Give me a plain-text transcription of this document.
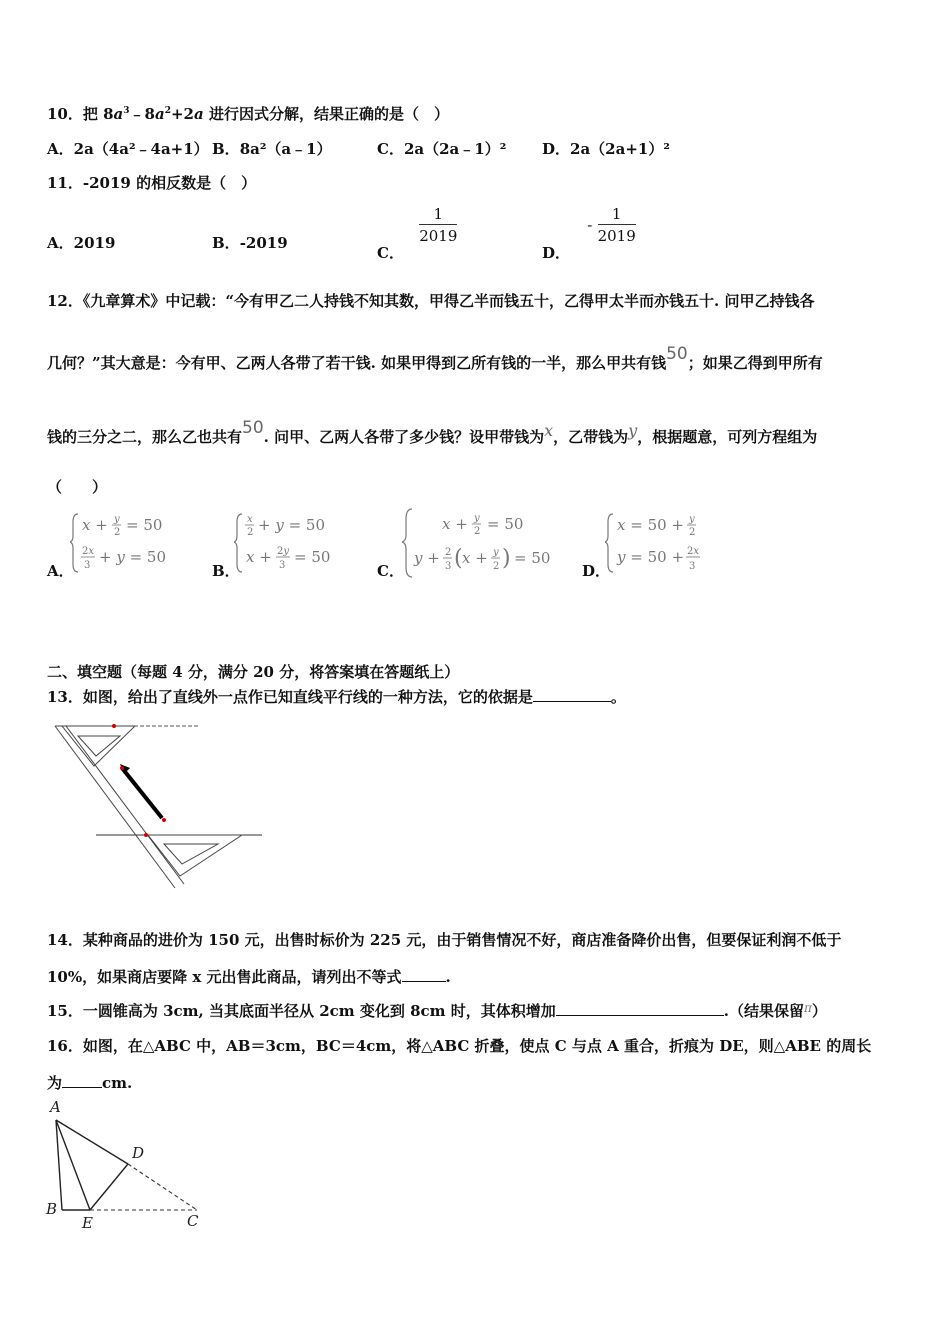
10．把 $8a^3﹣8a^2+2a$ 进行因式分解，结果正确的是（　）
A．2a（4a²﹣4a+1） B．8a²（a﹣1）	C．2a（2a﹣1）² D．2a（2a+1）²
11．-2019 的相反数是（　）
A．2019	B．-2019
C．
$\frac{1}{2019}$
D． - $\frac{1}{2019}$
12．《九章算术》中记载：“今有甲乙二人持钱不知其数，甲得乙半而钱五十，乙得甲太半而亦钱五十. 问甲乙持钱各
几何？”其大意是：今有甲、乙两人各带了若干钱. 如果甲得到乙所有钱的一半，那么甲共有钱50；如果乙得到甲所有
钱的三分之二，那么乙也共有50. 问甲、乙两人各带了多少钱？设甲带钱为x，乙带钱为y，根据题意，可列方程组为
（　　）
A．	B．	C．	D．
x + y
2 = 50
2x
3 + y = 50
x
2 + y = 50
x + 2y
3 = 50
x + y
2 = 50
y + 2
3 ( x + y
2 ) = 50
x = 50 + y
2
y = 50 + 2x
3
二、填空题（每题 4 分，满分 20 分，将答案填在答题纸上）
13．如图，给出了直线外一点作已知直线平行线的一种方法，它的依据是	。
14．某种商品的进价为 150 元，出售时标价为 225 元，由于销售情况不好，商店准备降价出售，但要保证利润不低于
10%，如果商店要降 x 元出售此商品，请列出不等式	.
15．一圆锥高为 3cm, 当其底面半径从 2cm 变化到 8cm 时，其体积增加	.（结果保留$^\pi$）
16．如图，在△ABC 中，AB＝3cm，BC＝4cm，将△ABC 折叠，使点 C 与点 A 重合，折痕为 DE，则△ABE 的周长
为	cm.
A
B
E	C
D
